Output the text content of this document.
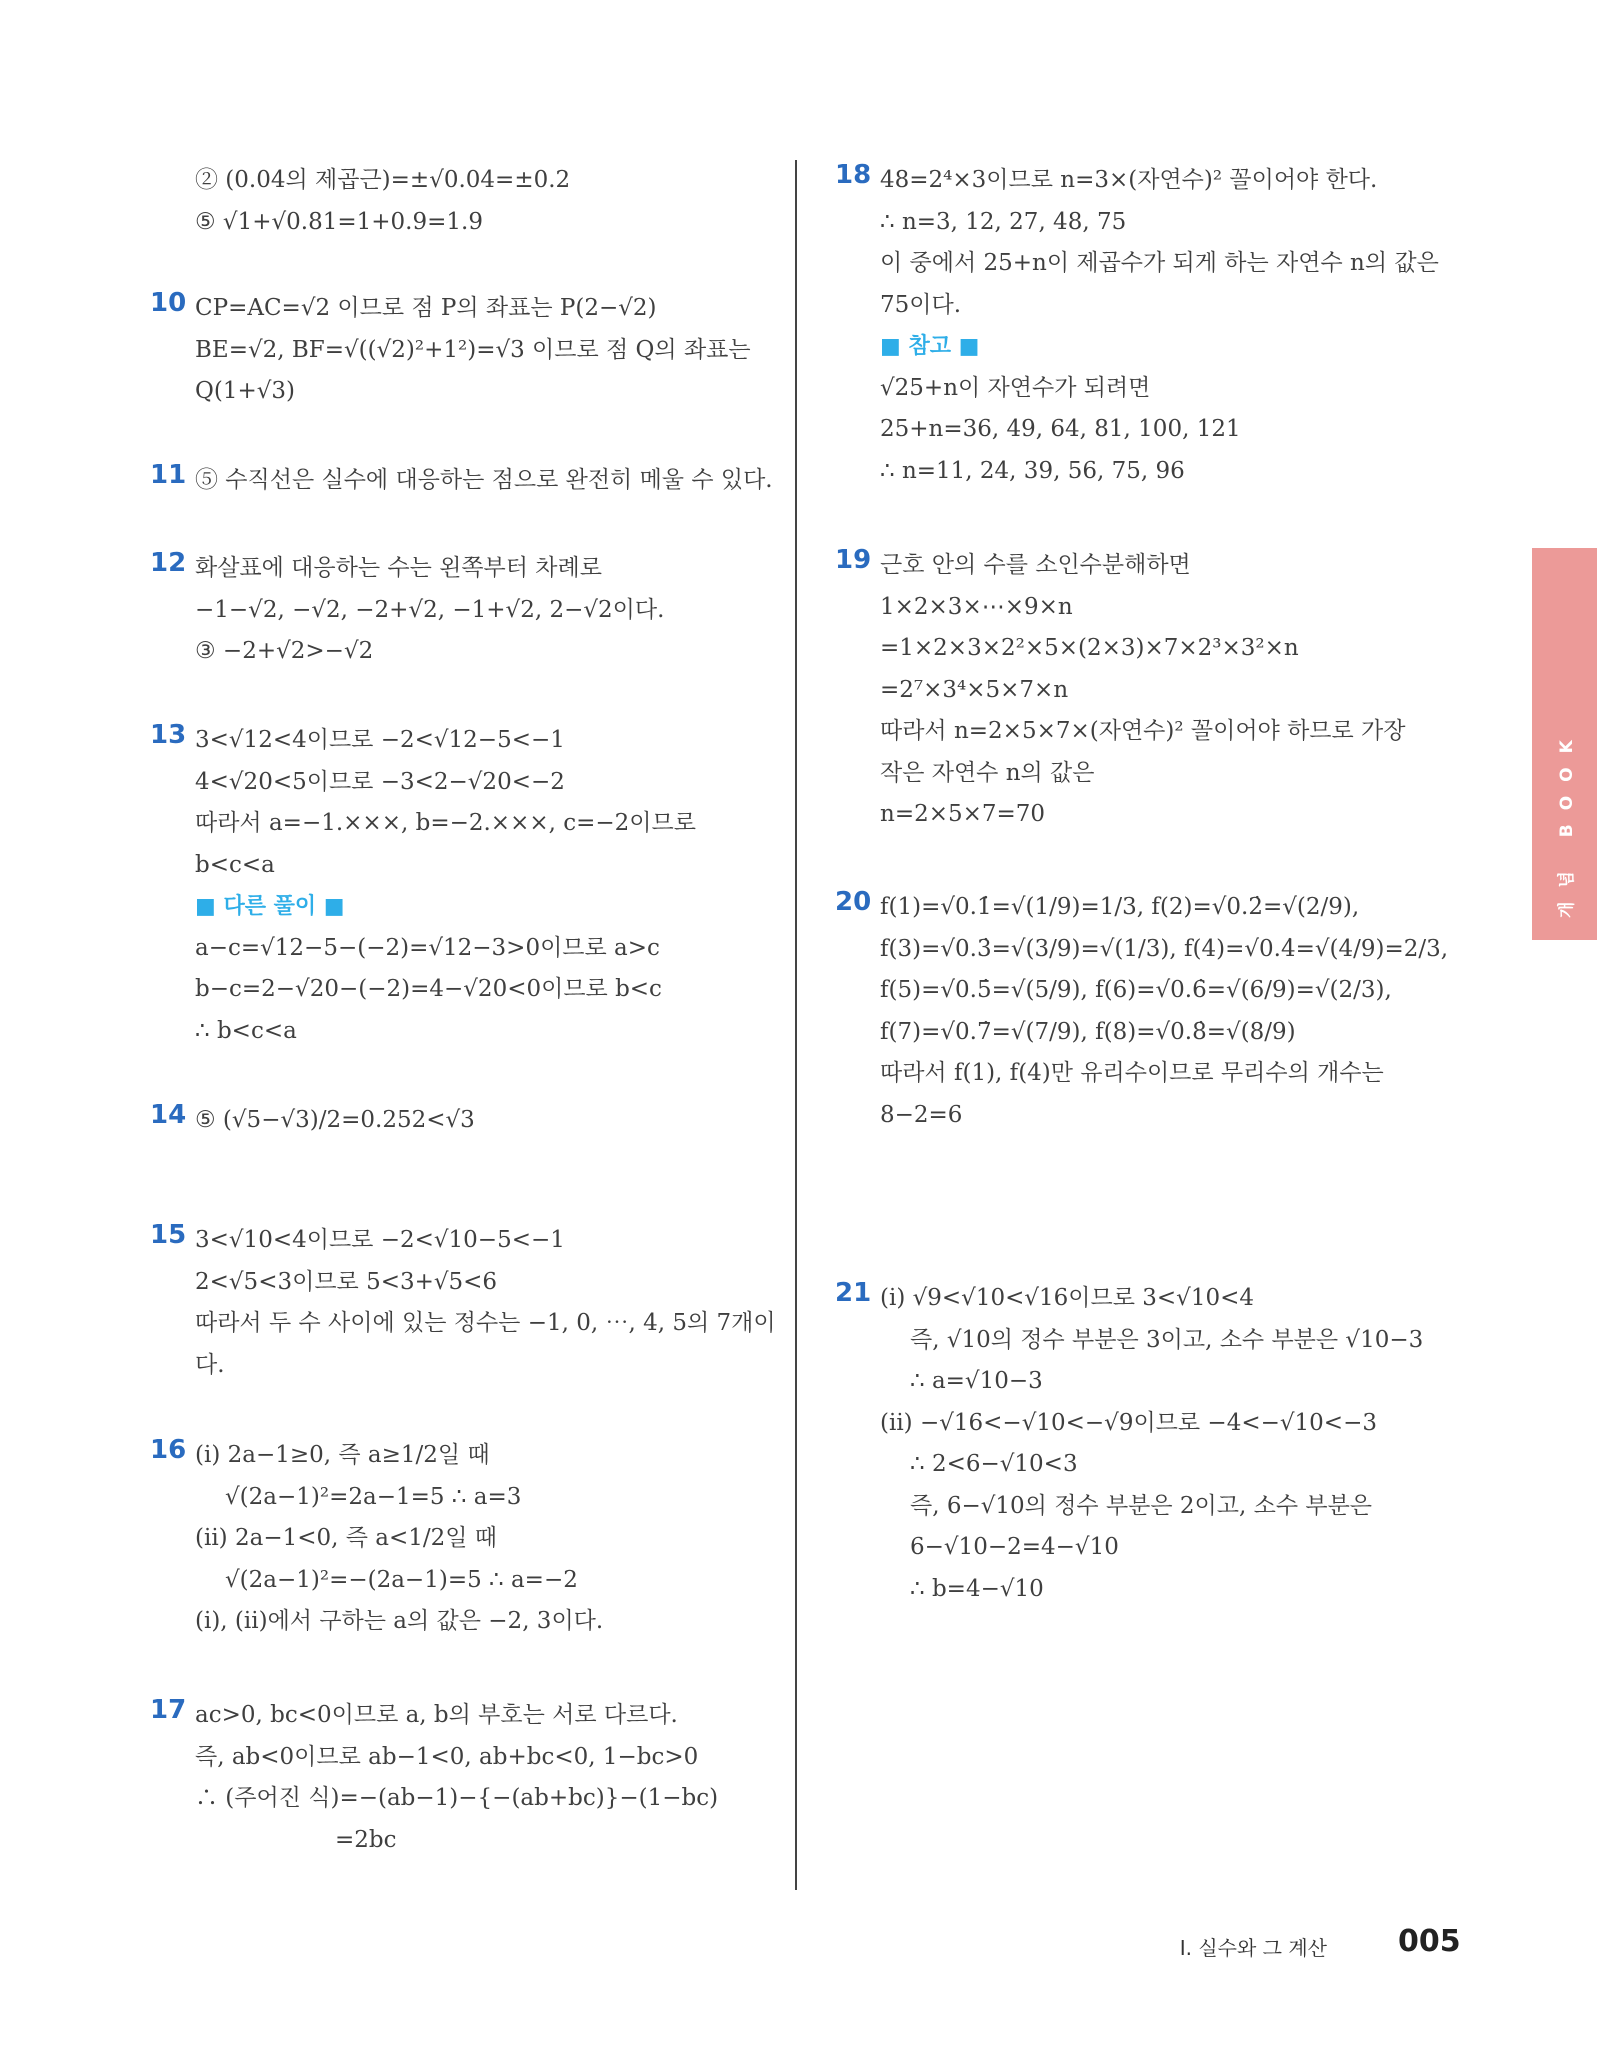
② (0.04의 제곱근)=±√0.04=±0.2
⑤ √1+√0.81=1+0.9=1.9
10 CP=AC=√2 이므로 점 P의 좌표는 P(2−√2)
BE=√2, BF=√((√2)²+1²)=√3 이므로 점 Q의 좌표는
Q(1+√3)
11 ⑤ 수직선은 실수에 대응하는 점으로 완전히 메울 수 있다.
12 화살표에 대응하는 수는 왼쪽부터 차례로
−1−√2, −√2, −2+√2, −1+√2, 2−√2이다.
③ −2+√2>−√2
13 3<√12<4이므로 −2<√12−5<−1
4<√20<5이므로 −3<2−√20<−2
따라서 a=−1.×××, b=−2.×××, c=−2이므로
b<c<a
■ 다른 풀이 ■
a−c=√12−5−(−2)=√12−3>0이므로 a>c
b−c=2−√20−(−2)=4−√20<0이므로 b<c
∴ b<c<a
14 ⑤ (√5−√3)/2=0.252<√3
15 3<√10<4이므로 −2<√10−5<−1
2<√5<3이므로 5<3+√5<6
따라서 두 수 사이에 있는 정수는 −1, 0, ⋯, 4, 5의 7개이
다.
16 (i) 2a−1≥0, 즉 a≥1/2일 때
√(2a−1)²=2a−1=5 ∴ a=3
(ii) 2a−1<0, 즉 a<1/2일 때
√(2a−1)²=−(2a−1)=5 ∴ a=−2
(i), (ii)에서 구하는 a의 값은 −2, 3이다.
17 ac>0, bc<0이므로 a, b의 부호는 서로 다르다.
즉, ab<0이므로 ab−1<0, ab+bc<0, 1−bc>0
∴ (주어진 식)=−(ab−1)−{−(ab+bc)}−(1−bc)
=2bc
18 48=2⁴×3이므로 n=3×(자연수)² 꼴이어야 한다.
∴ n=3, 12, 27, 48, 75
이 중에서 25+n이 제곱수가 되게 하는 자연수 n의 값은
75이다.
■ 참고 ■
√25+n이 자연수가 되려면
25+n=36, 49, 64, 81, 100, 121
∴ n=11, 24, 39, 56, 75, 96
19 근호 안의 수를 소인수분해하면
1×2×3×⋯×9×n
=1×2×3×2²×5×(2×3)×7×2³×3²×n
=2⁷×3⁴×5×7×n
따라서 n=2×5×7×(자연수)² 꼴이어야 하므로 가장
작은 자연수 n의 값은
n=2×5×7=70
20 f(1)=√0.1̇=√(1/9)=1/3, f(2)=√0.2̇=√(2/9),
f(3)=√0.3̇=√(3/9)=√(1/3), f(4)=√0.4̇=√(4/9)=2/3,
f(5)=√0.5̇=√(5/9), f(6)=√0.6̇=√(6/9)=√(2/3),
f(7)=√0.7̇=√(7/9), f(8)=√0.8̇=√(8/9)
따라서 f(1), f(4)만 유리수이므로 무리수의 개수는
8−2=6
21 (i) √9<√10<√16이므로 3<√10<4
즉, √10의 정수 부분은 3이고, 소수 부분은 √10−3
∴ a=√10−3
(ii) −√16<−√10<−√9이므로 −4<−√10<−3
∴ 2<6−√10<3
즉, 6−√10의 정수 부분은 2이고, 소수 부분은
6−√10−2=4−√10
∴ b=4−√10
개념 BOOK
I. 실수와 그 계산 005
